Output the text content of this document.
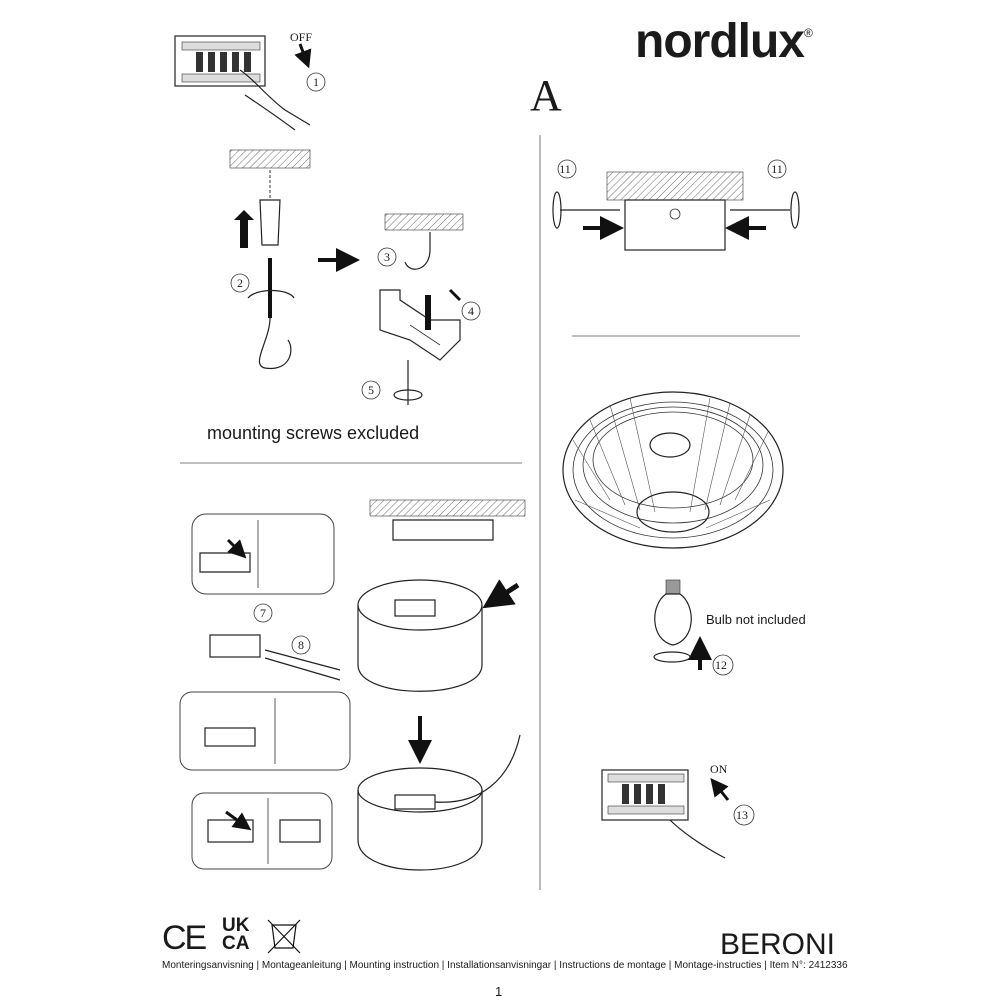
nordlux®
A
mounting screws excluded
Bulb not included
OFF
ON
1
2
3
4
5
7
8
11	11
12
13
CE UK
CA	BERONI
Monteringsanvisning | Montageanleitung | Mounting instruction | Installationsanvisningar | Instructions de montage | Montage-instructies | Item N°: 2412336
1
